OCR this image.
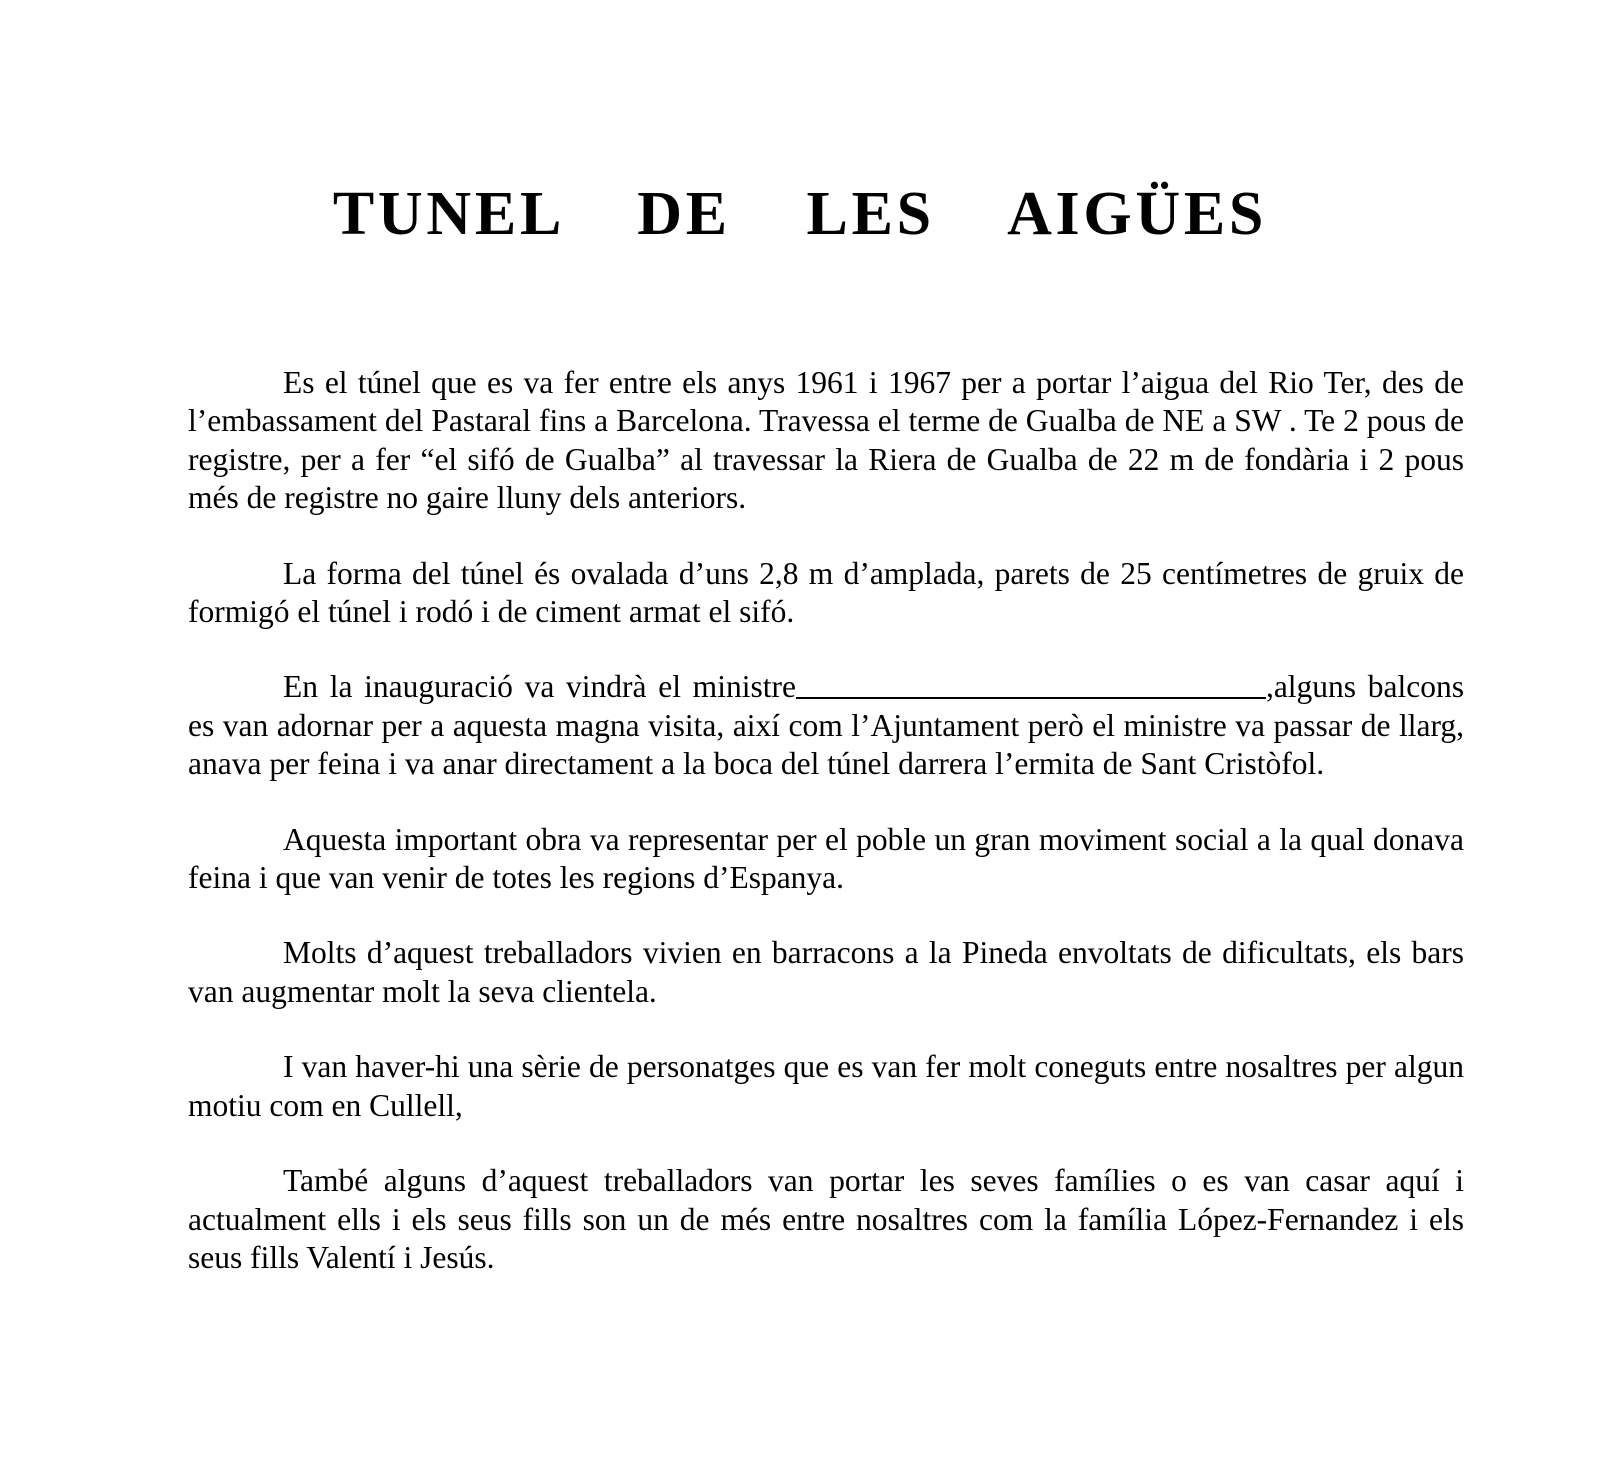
TUNEL  DE  LES  AIGÜES

Es el túnel que es va fer entre els anys 1961 i 1967 per a portar l’aigua del Rio Ter, des de l’embassament del Pastaral fins a Barcelona. Travessa el terme de Gualba de NE a SW . Te 2 pous de registre, per a fer “el sifó de Gualba” al travessar la Riera de Gualba de 22 m de fondària i 2 pous més de registre no gaire lluny dels anteriors.

La forma del túnel és ovalada d’uns 2,8 m d’amplada, parets de 25 centímetres de gruix de formigó el túnel i rodó i de ciment armat el sifó.

En la inauguració va vindrà el ministre	,alguns balcons es van adornar per a aquesta magna visita, així com l’Ajuntament però el ministre va passar de llarg, anava per feina i va anar directament a la boca del túnel darrera l’ermita de Sant Cristòfol.

Aquesta important obra va representar per el poble un gran moviment social a la qual donava feina i que van venir de totes les regions d’Espanya.

Molts d’aquest treballadors vivien en barracons a la Pineda envoltats de dificultats, els bars van augmentar molt la seva clientela.

I van haver-hi una sèrie de personatges que es van fer molt coneguts entre nosaltres per algun motiu com en Cullell,

També alguns d’aquest treballadors van portar les seves famílies o es van casar aquí i actualment ells i els seus fills son un de més entre nosaltres com la família López-Fernandez i els seus fills Valentí i Jesús.
